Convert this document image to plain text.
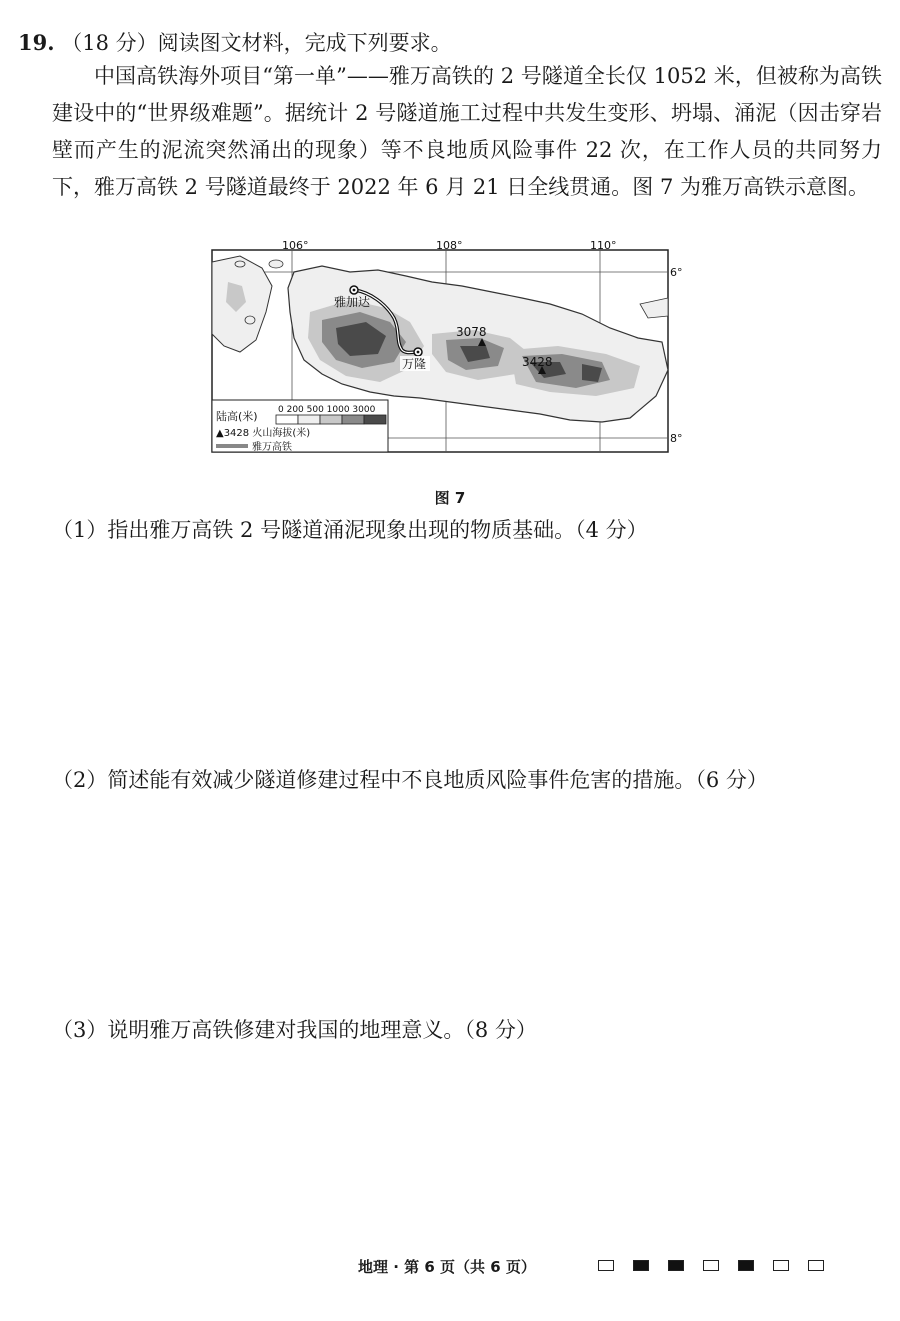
19. （18 分）阅读图文材料，完成下列要求。

中国高铁海外项目“第一单”——雅万高铁的 2 号隧道全长仅 1052 米，但被称为高铁建设中的“世界级难题”。据统计 2 号隧道施工过程中共发生变形、坍塌、涌泥（因击穿岩壁而产生的泥流突然涌出的现象）等不良地质风险事件 22 次，在工作人员的共同努力下，雅万高铁 2 号隧道最终于 2022 年 6 月 21 日全线贯通。图 7 为雅万高铁示意图。

雅加达
万隆
3078
3428
106°	108°	110°
6°
8°
陆高(米) 0 200 500 1000 3000
▲3428 火山海拔(米)
雅万高铁
图 7
（1）指出雅万高铁 2 号隧道涌泥现象出现的物质基础。（4 分）
（2）简述能有效减少隧道修建过程中不良地质风险事件危害的措施。（6 分）
（3）说明雅万高铁修建对我国的地理意义。（8 分）
地理 · 第 6 页（共 6 页）
